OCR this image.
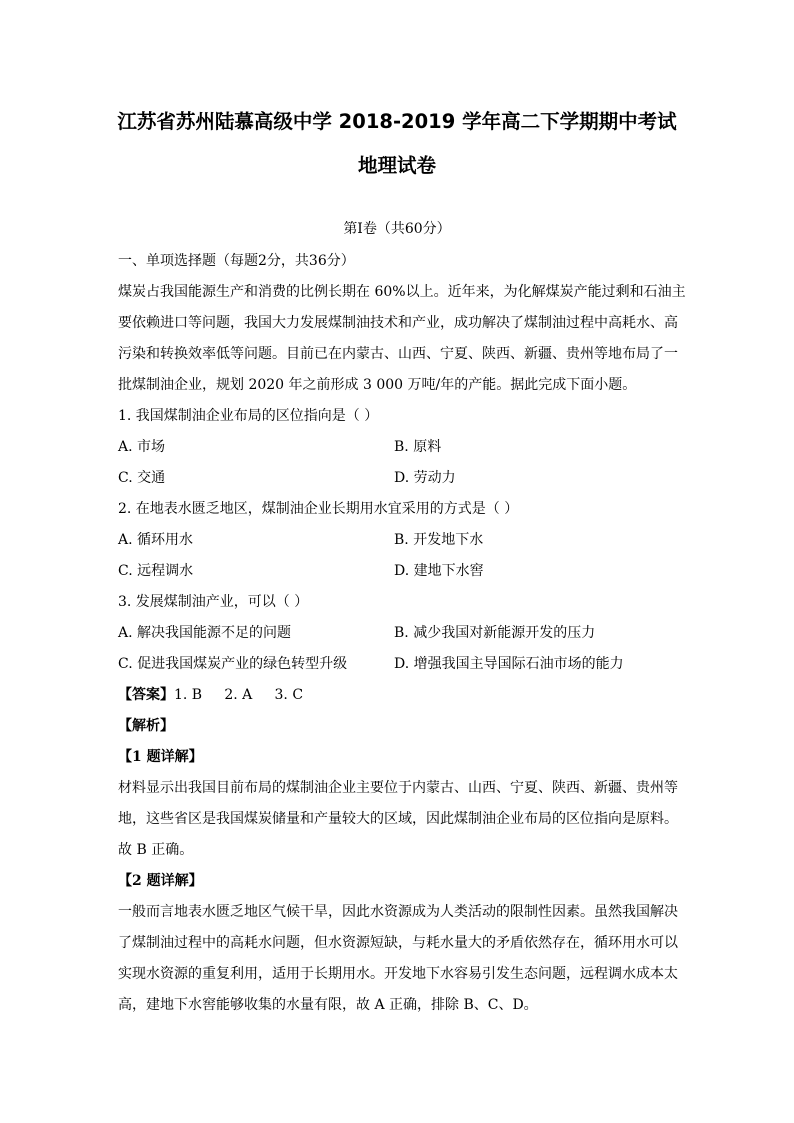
江苏省苏州陆慕高级中学 2018-2019 学年高二下学期期中考试
地理试卷
第Ⅰ卷（共60分）
一、单项选择题（每题2分，共36分）
煤炭占我国能源生产和消费的比例长期在 60%以上。近年来，为化解煤炭产能过剩和石油主
要依赖进口等问题，我国大力发展煤制油技术和产业，成功解决了煤制油过程中高耗水、高
污染和转换效率低等问题。目前已在内蒙古、山西、宁夏、陕西、新疆、贵州等地布局了一
批煤制油企业，规划 2020 年之前形成 3 000 万吨/年的产能。据此完成下面小题。
1. 我国煤制油企业布局的区位指向是（ ）
A. 市场	B. 原料
C. 交通	D. 劳动力
2. 在地表水匮乏地区，煤制油企业长期用水宜采用的方式是（ ）
A. 循环用水	B. 开发地下水
C. 远程调水	D. 建地下水窖
3. 发展煤制油产业，可以（ ）
A. 解决我国能源不足的问题	B. 减少我国对新能源开发的压力
C. 促进我国煤炭产业的绿色转型升级	D. 增强我国主导国际石油市场的能力
【答案】1. B     2. A     3. C
【解析】
【1 题详解】
材料显示出我国目前布局的煤制油企业主要位于内蒙古、山西、宁夏、陕西、新疆、贵州等
地，这些省区是我国煤炭储量和产量较大的区域，因此煤制油企业布局的区位指向是原料。
故 B 正确。
【2 题详解】
一般而言地表水匮乏地区气候干旱，因此水资源成为人类活动的限制性因素。虽然我国解决
了煤制油过程中的高耗水问题，但水资源短缺，与耗水量大的矛盾依然存在，循环用水可以
实现水资源的重复利用，适用于长期用水。开发地下水容易引发生态问题，远程调水成本太
高，建地下水窖能够收集的水量有限，故 A 正确，排除 B、C、D。
